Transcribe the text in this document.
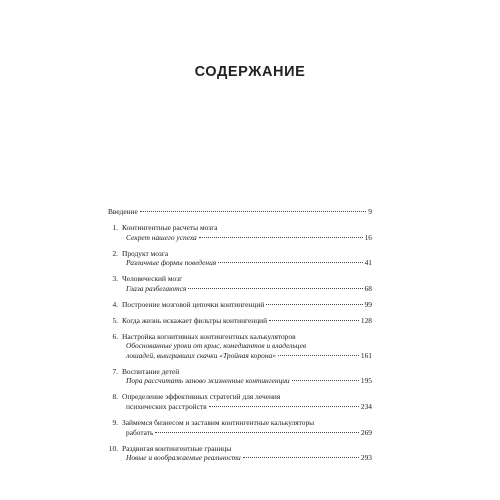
СОДЕРЖАНИЕ
Введение	9
1. Контингентные расчеты мозга
Секрет нашего успеха	16
2. Продукт мозга
Различные формы поведения	41
3. Человеческий мозг
Глаза разбегаются	68
4. Построение мозговой цепочки контингенций	99
5. Когда жизнь искажает фильтры контингенций	128
6. Настройка когнитивных контингентных калькуляторов
Обоснованные уроки от крыс, комедиантов и владельцев
лошадей, выигравших скачки «Тройная корона»	161
7. Воспитание детей
Пора рассчитать заново жизненные контингенции	195
8. Определение эффективных стратегий для лечения
психических расстройств	234
9. Займемся бизнесом и заставим контингентные калькуляторы
работать	269
10. Раздвигая контингентные границы
Новые и воображаемые реальности	293
